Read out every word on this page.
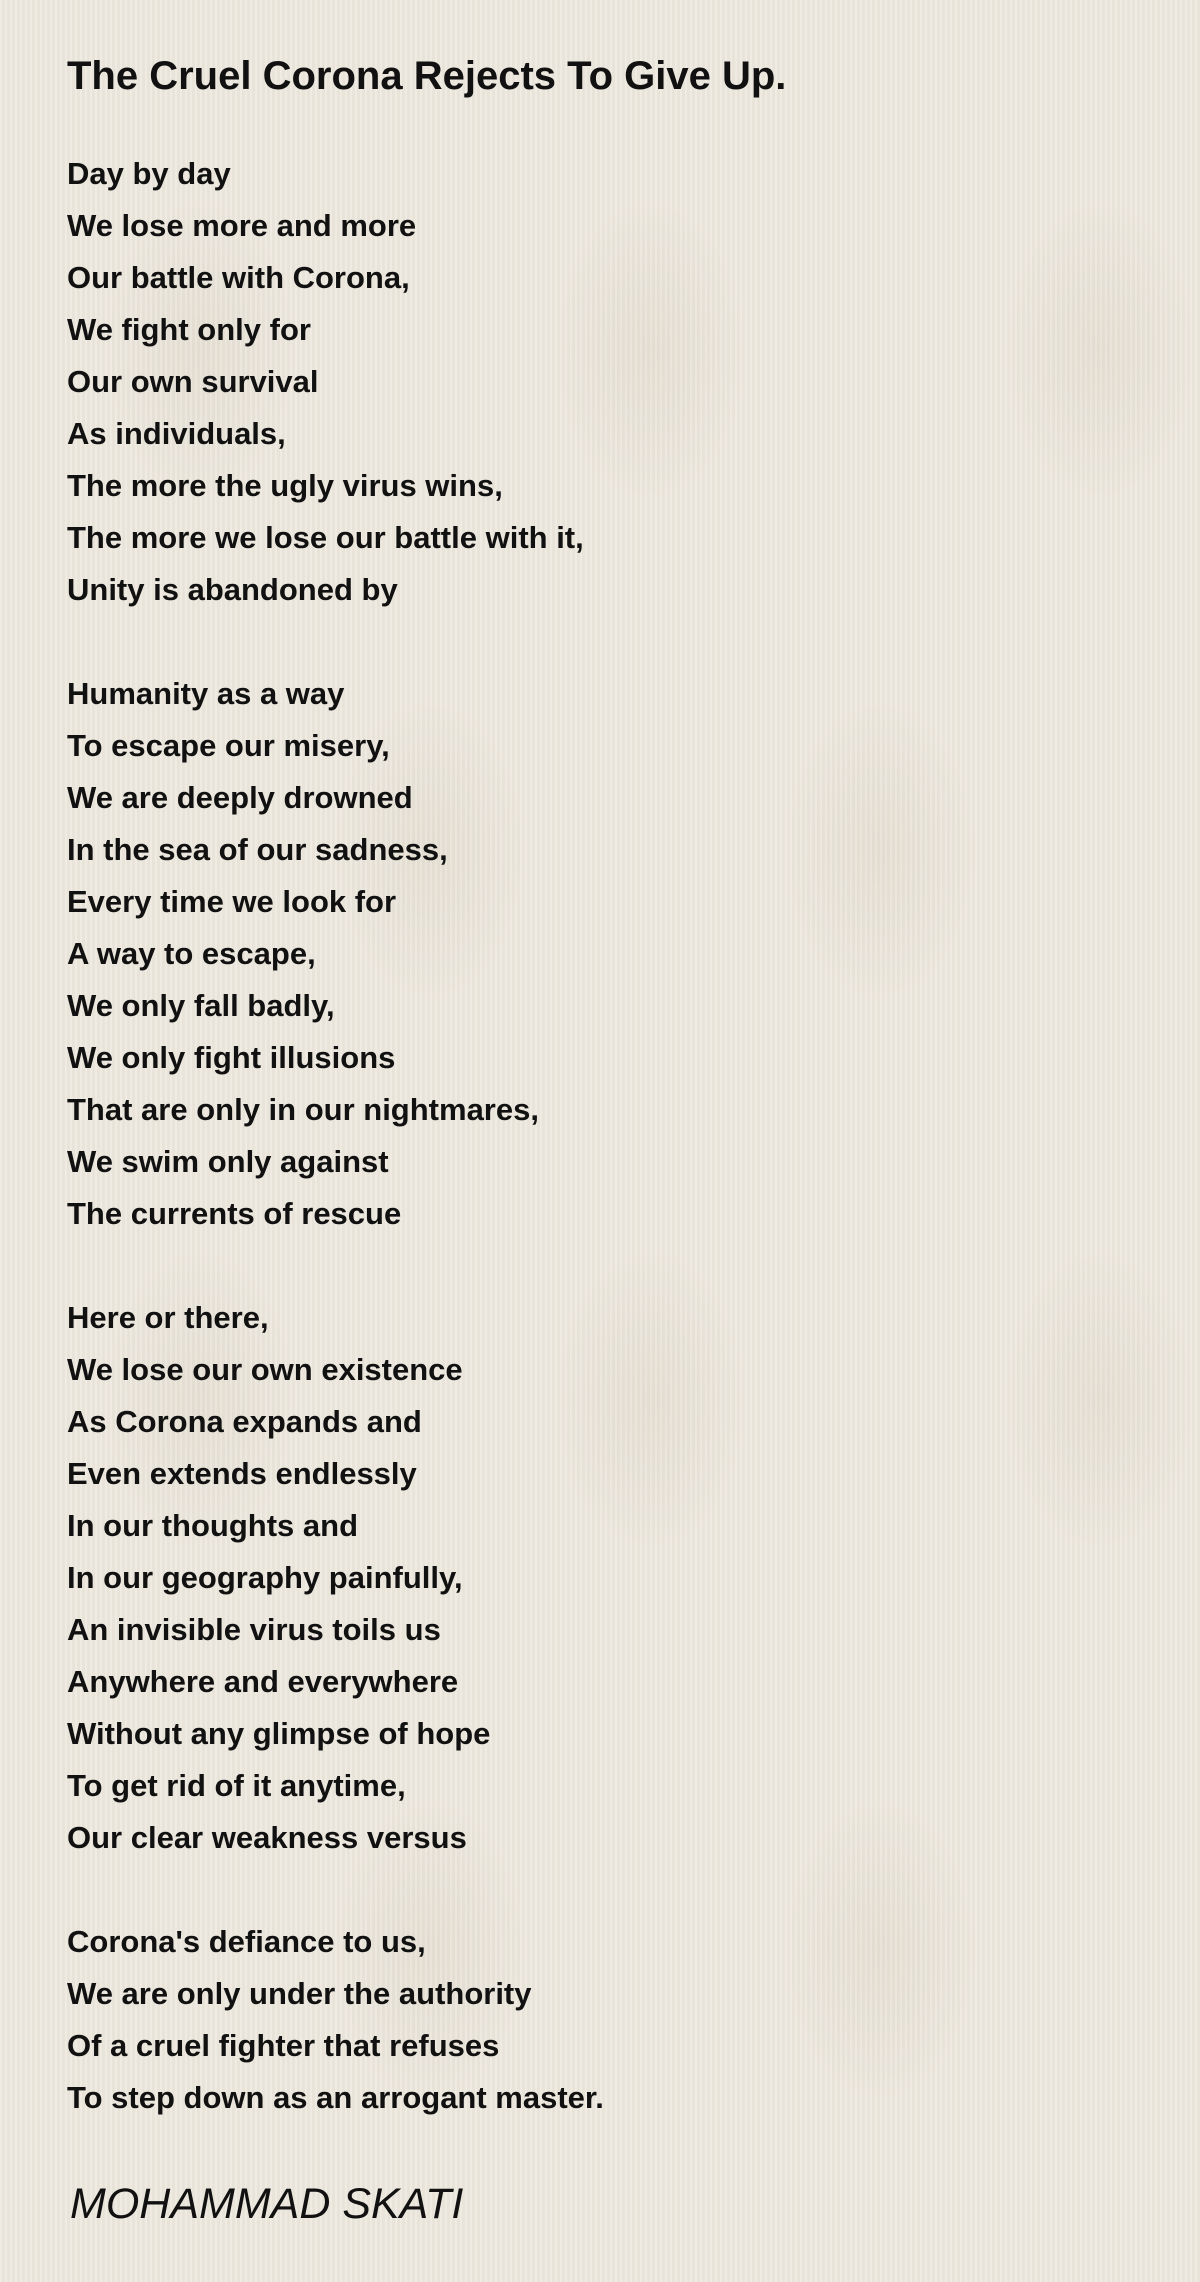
The Cruel Corona Rejects To Give Up.
Day by day
We lose more and more
Our battle with Corona,
We fight only for
Our own survival
As individuals,
The more the ugly virus wins,
The more we lose our battle with it,
Unity is abandoned by
Humanity as a way
To escape our misery,
We are deeply drowned
In the sea of our sadness,
Every time we look for
A way to escape,
We only fall badly,
We only fight illusions
That are only in our nightmares,
We swim only against
The currents of rescue
Here or there,
We lose our own existence
As Corona expands and
Even extends endlessly
In our thoughts and
In our geography painfully,
An invisible virus toils us
Anywhere and everywhere
Without any glimpse of hope
To get rid of it anytime,
Our clear weakness versus
Corona's defiance to us,
We are only under the authority
Of a cruel fighter that refuses
To step down as an arrogant master.

MOHAMMAD SKATI
